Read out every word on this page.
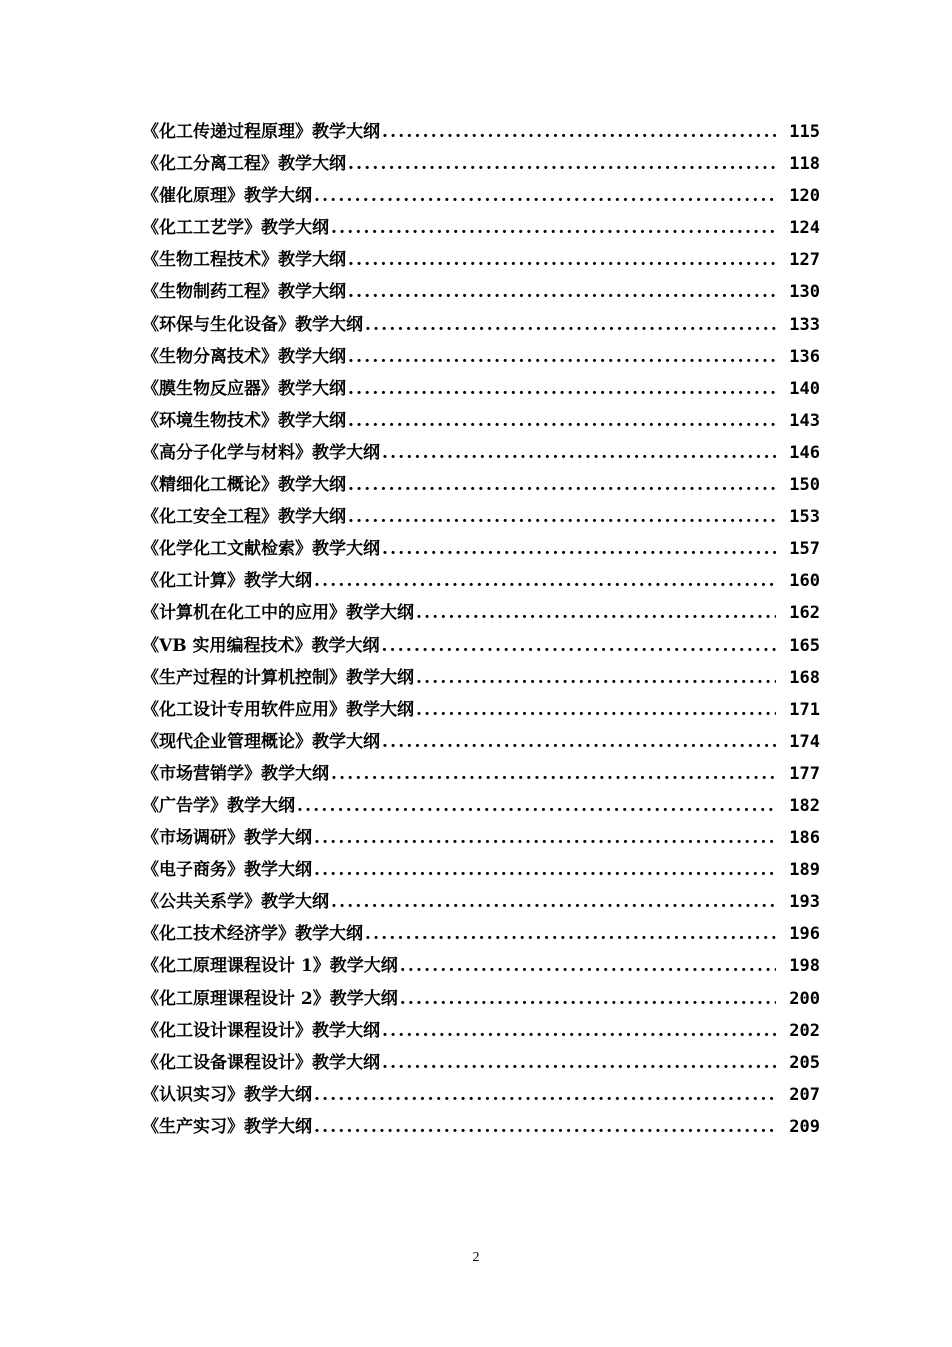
《化工传递过程原理》教学大纲 .....	115
《化工分离工程》教学大纲 .....	118
《催化原理》教学大纲 .....	120
《化工工艺学》教学大纲 .....	124
《生物工程技术》教学大纲 .....	127
《生物制药工程》教学大纲 .....	130
《环保与生化设备》教学大纲 .....	133
《生物分离技术》教学大纲 .....	136
《膜生物反应器》教学大纲 .....	140
《环境生物技术》教学大纲 .....	143
《高分子化学与材料》教学大纲 .....	146
《精细化工概论》教学大纲 .....	150
《化工安全工程》教学大纲 .....	153
《化学化工文献检索》教学大纲 .....	157
《化工计算》教学大纲 .....	160
《计算机在化工中的应用》教学大纲 .....	162
《VB 实用编程技术》教学大纲 .....	165
《生产过程的计算机控制》教学大纲 .....	168
《化工设计专用软件应用》教学大纲 .....	171
《现代企业管理概论》教学大纲 .....	174
《市场营销学》教学大纲 .....	177
《广告学》教学大纲 .....	182
《市场调研》教学大纲 .....	186
《电子商务》教学大纲 .....	189
《公共关系学》教学大纲 .....	193
《化工技术经济学》教学大纲 .....	196
《化工原理课程设计 1》教学大纲 .....	198
《化工原理课程设计 2》教学大纲 .....	200
《化工设计课程设计》教学大纲 .....	202
《化工设备课程设计》教学大纲 .....	205
《认识实习》教学大纲 .....	207
《生产实习》教学大纲 .....	209
2
